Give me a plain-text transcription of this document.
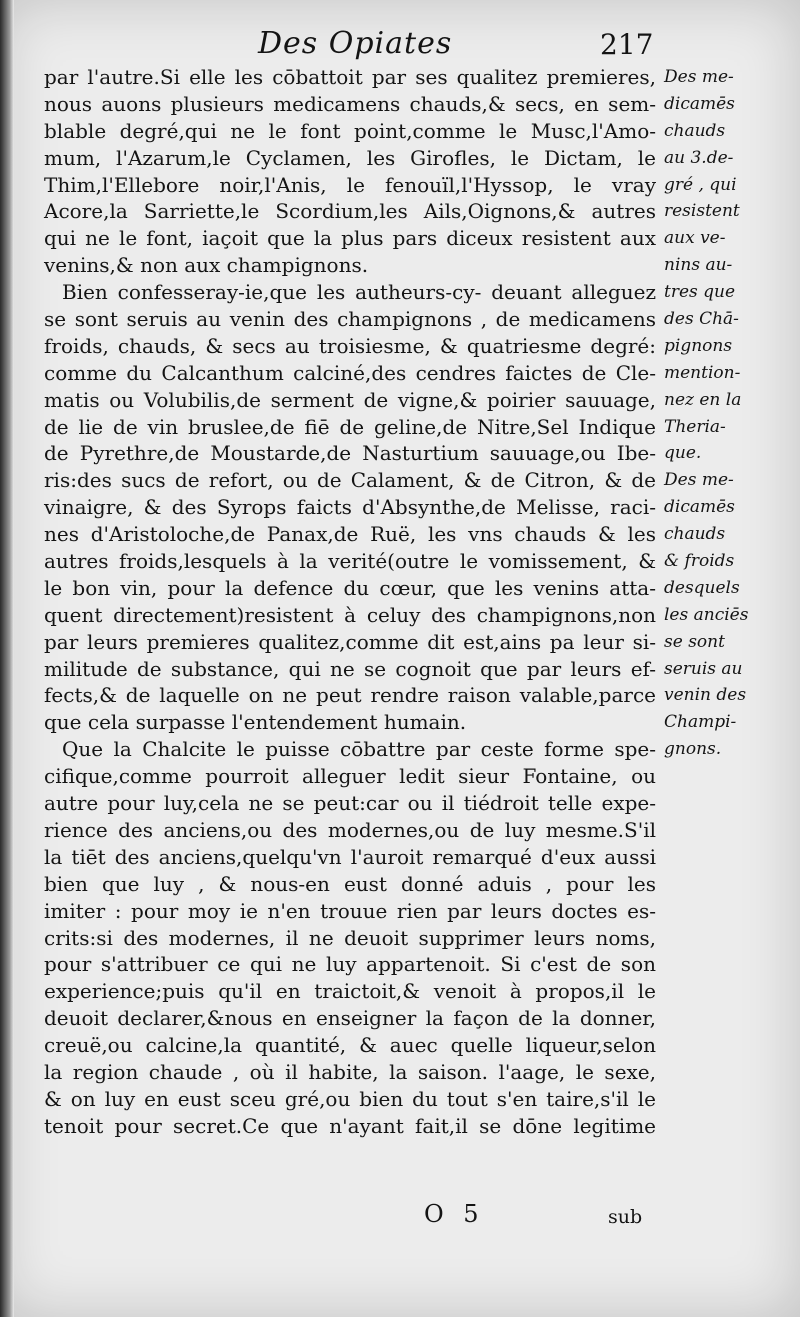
Des Opiates	217
par l'autre.Si elle les cōbattoit par ses qualitez premieres,
nous auons plusieurs medicamens chauds,& secs, en sem-
blable degré,qui ne le font point,comme le Musc,l'Amo-
mum, l'Azarum,le Cyclamen, les Girofles, le Dictam, le
Thim,l'Ellebore noir,l'Anis, le fenouïl,l'Hyssop, le vray
Acore,la Sarriette,le Scordium,les Ails,Oignons,& autres
qui ne le font, iaçoit que la plus pars diceux resistent aux
venins,& non aux champignons.
Bien confesseray-ie,que les autheurs-cy- deuant alleguez
se sont seruis au venin des champignons , de medicamens
froids, chauds, & secs au troisiesme, & quatriesme degré:
comme du Calcanthum calciné,des cendres faictes de Cle-
matis ou Volubilis,de serment de vigne,& poirier sauuage,
de lie de vin bruslee,de fiē de geline,de Nitre,Sel Indique
de Pyrethre,de Moustarde,de Nasturtium sauuage,ou Ibe-
ris:des sucs de refort, ou de Calament, & de Citron, & de
vinaigre, & des Syrops faicts d'Absynthe,de Melisse, raci-
nes d'Aristoloche,de Panax,de Ruë, les vns chauds & les
autres froids,lesquels à la verité(outre le vomissement, &
le bon vin, pour la defence du cœur, que les venins atta-
quent directement)resistent à celuy des champignons,non
par leurs premieres qualitez,comme dit est,ains pa leur si-
militude de substance, qui ne se cognoit que par leurs ef-
fects,& de laquelle on ne peut rendre raison valable,parce
que cela surpasse l'entendement humain.
Que la Chalcite le puisse cōbattre par ceste forme spe-
cifique,comme pourroit alleguer ledit sieur Fontaine, ou
autre pour luy,cela ne se peut:car ou il tiédroit telle expe-
rience des anciens,ou des modernes,ou de luy mesme.S'il
la tiēt des anciens,quelqu'vn l'auroit remarqué d'eux aussi
bien que luy , & nous-en eust donné aduis , pour les
imiter : pour moy ie n'en trouue rien par leurs doctes es-
crits:si des modernes, il ne deuoit supprimer leurs noms,
pour s'attribuer ce qui ne luy appartenoit. Si c'est de son
experience;puis qu'il en traictoit,& venoit à propos,il le
deuoit declarer,&nous en enseigner la façon de la donner,
creuë,ou calcine,la quantité, & auec quelle liqueur,selon
la region chaude , où il habite, la saison. l'aage, le sexe,
& on luy en eust sceu gré,ou bien du tout s'en taire,s'il le
tenoit pour secret.Ce que n'ayant fait,il se dōne legitime
Des me-
dicamēs
chauds
au 3.de-
gré , qui
resistent
aux ve-
nins au-
tres que
des Chā-
pignons
mention-
nez en la
Theria-
que.
Des me-
dicamēs
chauds
& froids
desquels
les anciēs
se sont
seruis au
venin des
Champi-
gnons.
O 5	sub
